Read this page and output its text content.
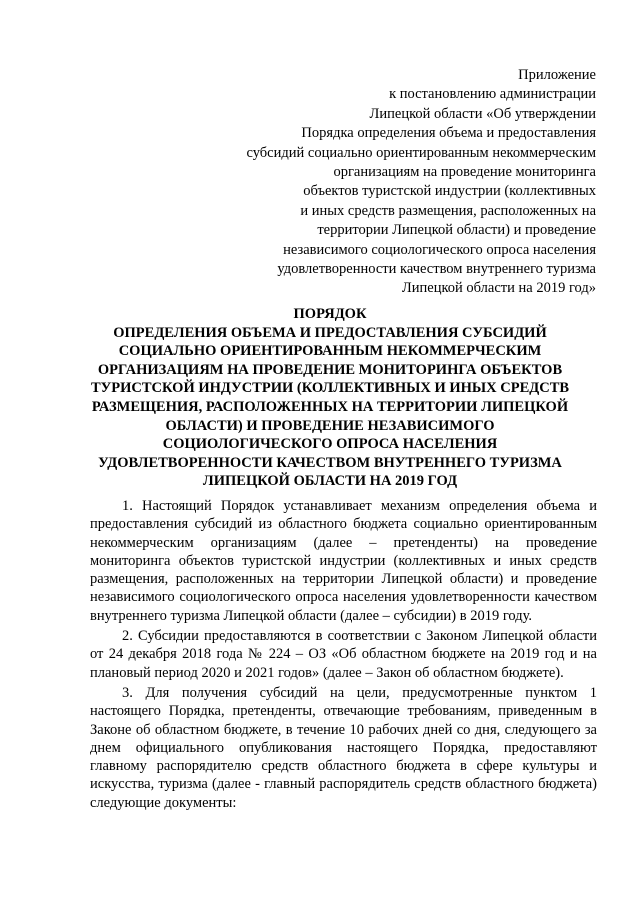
Приложение
к постановлению администрации
Липецкой области «Об утверждении
Порядка определения объема и предоставления
субсидий социально ориентированным некоммерческим
организациям на проведение мониторинга
объектов туристской индустрии (коллективных
и иных средств размещения, расположенных на
территории Липецкой области) и проведение
независимого социологического опроса населения
удовлетворенности качеством внутреннего туризма
Липецкой области на 2019 год»
ПОРЯДОК
ОПРЕДЕЛЕНИЯ ОБЪЕМА И ПРЕДОСТАВЛЕНИЯ СУБСИДИЙ
СОЦИАЛЬНО ОРИЕНТИРОВАННЫМ НЕКОММЕРЧЕСКИМ
ОРГАНИЗАЦИЯМ НА ПРОВЕДЕНИЕ МОНИТОРИНГА ОБЪЕКТОВ
ТУРИСТСКОЙ ИНДУСТРИИ (КОЛЛЕКТИВНЫХ И ИНЫХ СРЕДСТВ
РАЗМЕЩЕНИЯ, РАСПОЛОЖЕННЫХ НА ТЕРРИТОРИИ ЛИПЕЦКОЙ
ОБЛАСТИ) И ПРОВЕДЕНИЕ НЕЗАВИСИМОГО
СОЦИОЛОГИЧЕСКОГО ОПРОСА НАСЕЛЕНИЯ
УДОВЛЕТВОРЕННОСТИ КАЧЕСТВОМ ВНУТРЕННЕГО ТУРИЗМА
ЛИПЕЦКОЙ ОБЛАСТИ НА 2019 ГОД

1. Настоящий Порядок устанавливает механизм определения объема и предоставления субсидий из областного бюджета социально ориентированным некоммерческим организациям (далее – претенденты) на проведение мониторинга объектов туристской индустрии (коллективных и иных средств размещения, расположенных на территории Липецкой области) и проведение независимого социологического опроса населения удовлетворенности качеством внутреннего туризма Липецкой области (далее – субсидии) в 2019 году.

2. Субсидии предоставляются в соответствии с Законом Липецкой области от 24 декабря 2018 года № 224 – ОЗ «Об областном бюджете на 2019 год и на плановый период 2020 и 2021 годов» (далее – Закон об областном бюджете).

3. Для получения субсидий на цели, предусмотренные пунктом 1 настоящего Порядка, претенденты, отвечающие требованиям, приведенным в Законе об областном бюджете, в течение 10 рабочих дней со дня, следующего за днем официального опубликования настоящего Порядка, предоставляют главному распорядителю средств областного бюджета в сфере культуры и искусства, туризма (далее - главный распорядитель средств областного бюджета) следующие документы:
